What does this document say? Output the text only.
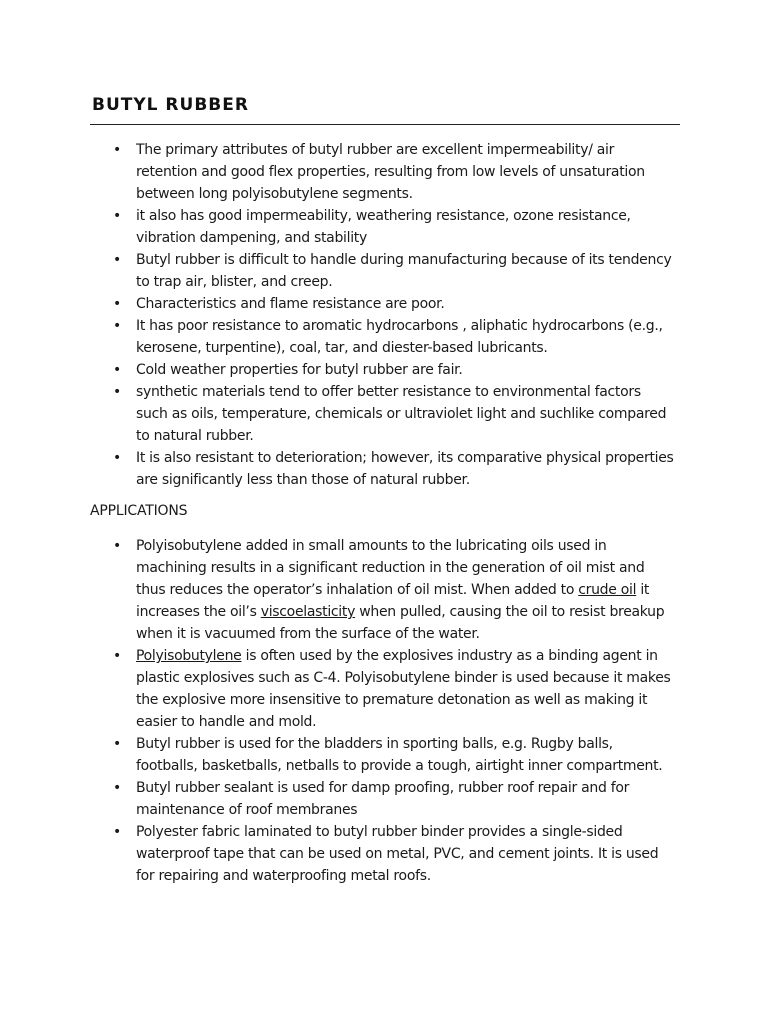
BUTYL RUBBER
• The primary attributes of butyl rubber are excellent impermeability/ air retention and good flex properties, resulting from low levels of unsaturation between long polyisobutylene segments.
• it also has good impermeability, weathering resistance, ozone resistance, vibration dampening, and stability
• Butyl rubber is difficult to handle during manufacturing because of its tendency to trap air, blister, and creep.
• Characteristics and flame resistance are poor.
• It has poor resistance to aromatic hydrocarbons , aliphatic hydrocarbons (e.g., kerosene, turpentine), coal, tar, and diester-based lubricants.
• Cold weather properties for butyl rubber are fair.
• synthetic materials tend to offer better resistance to environmental factors such as oils, temperature, chemicals or ultraviolet light and suchlike compared to natural rubber.
• It is also resistant to deterioration; however, its comparative physical properties are significantly less than those of natural rubber.
APPLICATIONS
• Polyisobutylene added in small amounts to the lubricating oils used in machining results in a significant reduction in the generation of oil mist and thus reduces the operator’s inhalation of oil mist. When added to crude oil it increases the oil’s viscoelasticity when pulled, causing the oil to resist breakup when it is vacuumed from the surface of the water.
• Polyisobutylene is often used by the explosives industry as a binding agent in plastic explosives such as C-4. Polyisobutylene binder is used because it makes the explosive more insensitive to premature detonation as well as making it easier to handle and mold.
• Butyl rubber is used for the bladders in sporting balls, e.g. Rugby balls, footballs, basketballs, netballs to provide a tough, airtight inner compartment.
• Butyl rubber sealant is used for damp proofing, rubber roof repair and for maintenance of roof membranes
• Polyester fabric laminated to butyl rubber binder provides a single-sided waterproof tape that can be used on metal, PVC, and cement joints. It is used for repairing and waterproofing metal roofs.
